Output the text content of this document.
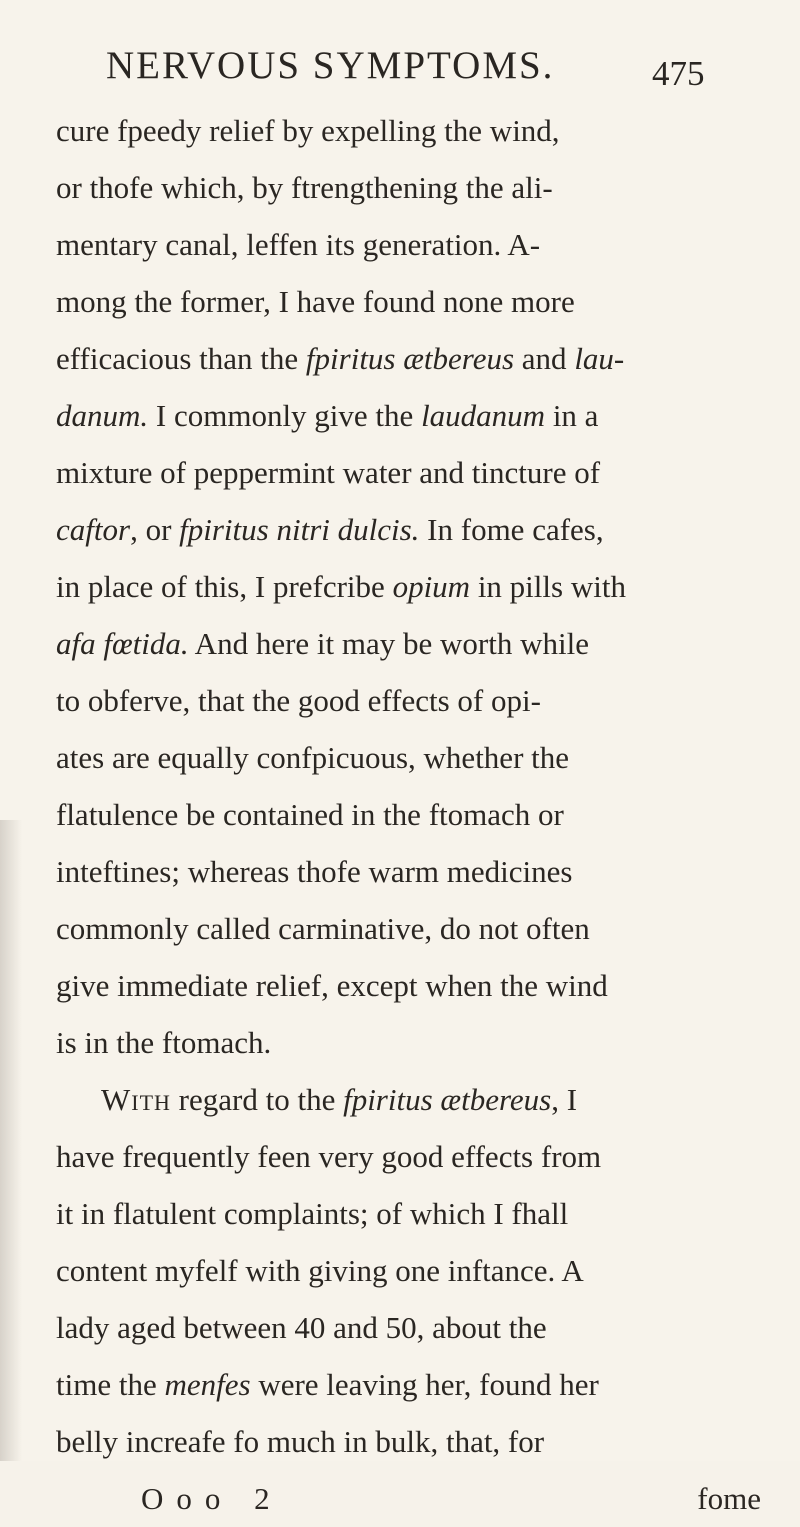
NERVOUS SYMPTOMS.	475
cure fpeedy relief by expelling the wind,
or thofe which, by ftrengthening the ali-
mentary canal, leffen its generation. A-
mong the former, I have found none more
efficacious than the fpiritus ætbereus and lau-
danum. I commonly give the laudanum in a
mixture of peppermint water and tincture of
caftor, or fpiritus nitri dulcis. In fome cafes,
in place of this, I prefcribe opium in pills with
afa fœtida. And here it may be worth while
to obferve, that the good effects of opi-
ates are equally confpicuous, whether the
flatulence be contained in the ftomach or
inteftines; whereas thofe warm medicines
commonly called carminative, do not often
give immediate relief, except when the wind
is in the ftomach.
With regard to the fpiritus ætbereus, I
have frequently feen very good effects from
it in flatulent complaints; of which I fhall
content myfelf with giving one inftance. A
lady aged between 40 and 50, about the
time the menfes were leaving her, found her
belly increafe fo much in bulk, that, for
Ooo 2	fome
